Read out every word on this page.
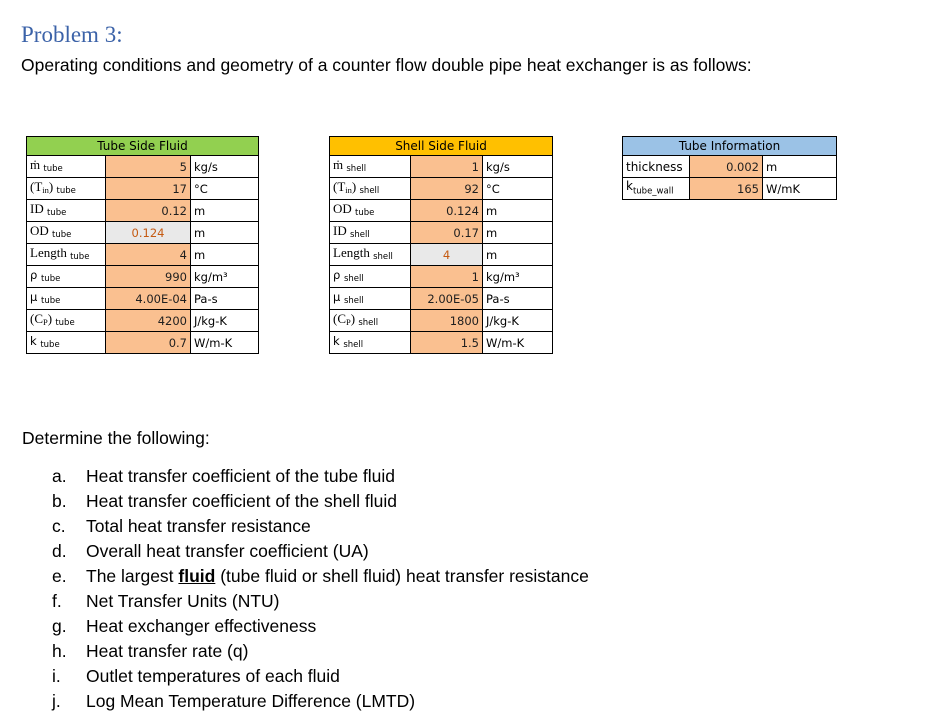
Problem 3:
Operating conditions and geometry of a counter flow double pipe heat exchanger is as follows:
Tube Side Fluid		
ṁ $_{tube}$	5	kg/s
$(T_{in})$ $_{tube}$	17	°C
ID $_{tube}$	0.12	m
OD $_{tube}$	0.124	m
Length $_{tube}$	4	m
ρ $_{tube}$	990	kg/m³
μ $_{tube}$	4.00E-04	Pa-s
$(C_P)$ $_{tube}$	4200	J/kg-K
k $_{tube}$	0.7	W/m-K
Shell Side Fluid		
ṁ $_{shell}$	1	kg/s
$(T_{in})$ $_{shell}$	92	°C
OD $_{tube}$	0.124	m
ID $_{shell}$	0.17	m
Length $_{shell}$	4	m
ρ $_{shell}$	1	kg/m³
μ $_{shell}$	2.00E-05	Pa-s
$(C_P)$ $_{shell}$	1800	J/kg-K
k $_{shell}$	1.5	W/m-K
Tube Information		
thickness	0.002	m
$k_{tube\_wall}$	165	W/mK
Determine the following:
a.	Heat transfer coefficient of the tube fluid
b.	Heat transfer coefficient of the shell fluid
c.	Total heat transfer resistance
d.	Overall heat transfer coefficient (UA)
e.	The largest fluid (tube fluid or shell fluid) heat transfer resistance
f.	Net Transfer Units (NTU)
g.	Heat exchanger effectiveness
h.	Heat transfer rate (q)
i.	Outlet temperatures of each fluid
j.	Log Mean Temperature Difference (LMTD)
